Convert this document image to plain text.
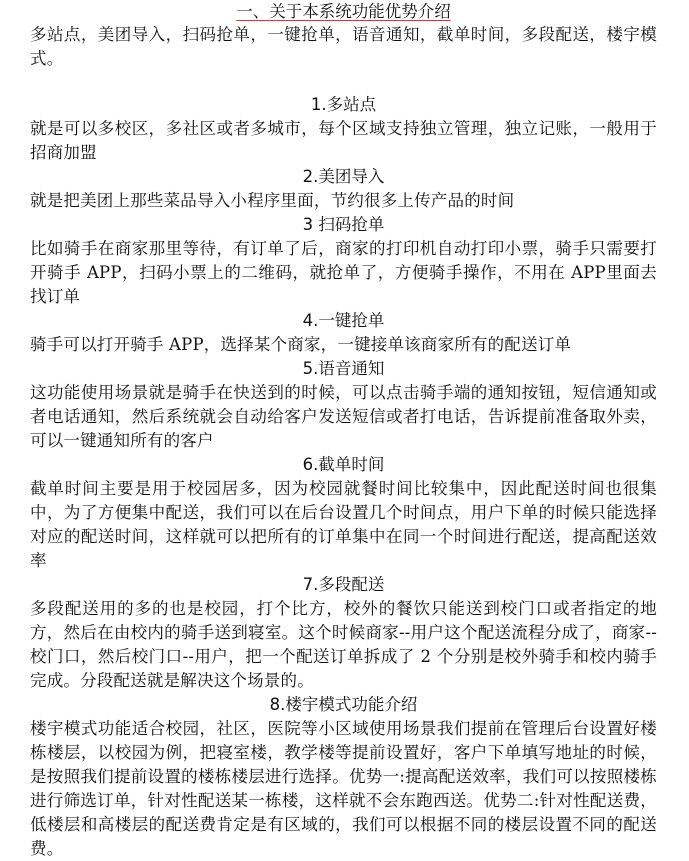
一、关于本系统功能优势介绍

多站点，美团导入，扫码抢单，一键抢单，语音通知，截单时间，多段配送，楼宇模式。

1.多站点

就是可以多校区，多社区或者多城市，每个区域支持独立管理，独立记账，一般用于招商加盟

2.美团导入

就是把美团上那些菜品导入小程序里面，节约很多上传产品的时间

3 扫码抢单

比如骑手在商家那里等待，有订单了后，商家的打印机自动打印小票，骑手只需要打开骑手 APP，扫码小票上的二维码，就抢单了，方便骑手操作，不用在 APP里面去找订单

4.一键抢单

骑手可以打开骑手 APP，选择某个商家，一键接单该商家所有的配送订单

5.语音通知

这功能使用场景就是骑手在快送到的时候，可以点击骑手端的通知按钮，短信通知或者电话通知，然后系统就会自动给客户发送短信或者打电话，告诉提前准备取外卖，可以一键通知所有的客户

6.截单时间

截单时间主要是用于校园居多，因为校园就餐时间比较集中，因此配送时间也很集中，为了方便集中配送，我们可以在后台设置几个时间点，用户下单的时候只能选择对应的配送时间，这样就可以把所有的订单集中在同一个时间进行配送，提高配送效率

7.多段配送

多段配送用的多的也是校园，打个比方，校外的餐饮只能送到校门口或者指定的地方，然后在由校内的骑手送到寝室。这个时候商家--用户这个配送流程分成了，商家--校门口，然后校门口--用户，把一个配送订单拆成了 2 个分别是校外骑手和校内骑手完成。分段配送就是解决这个场景的。

8.楼宇模式功能介绍

楼宇模式功能适合校园，社区，医院等小区域使用场景我们提前在管理后台设置好楼栋楼层，以校园为例，把寝室楼，教学楼等提前设置好，客户下单填写地址的时候，是按照我们提前设置的楼栋楼层进行选择。优势一:提高配送效率，我们可以按照楼栋进行筛选订单，针对性配送某一栋楼，这样就不会东跑西送。优势二:针对性配送费，低楼层和高楼层的配送费肯定是有区域的，我们可以根据不同的楼层设置不同的配送费。
